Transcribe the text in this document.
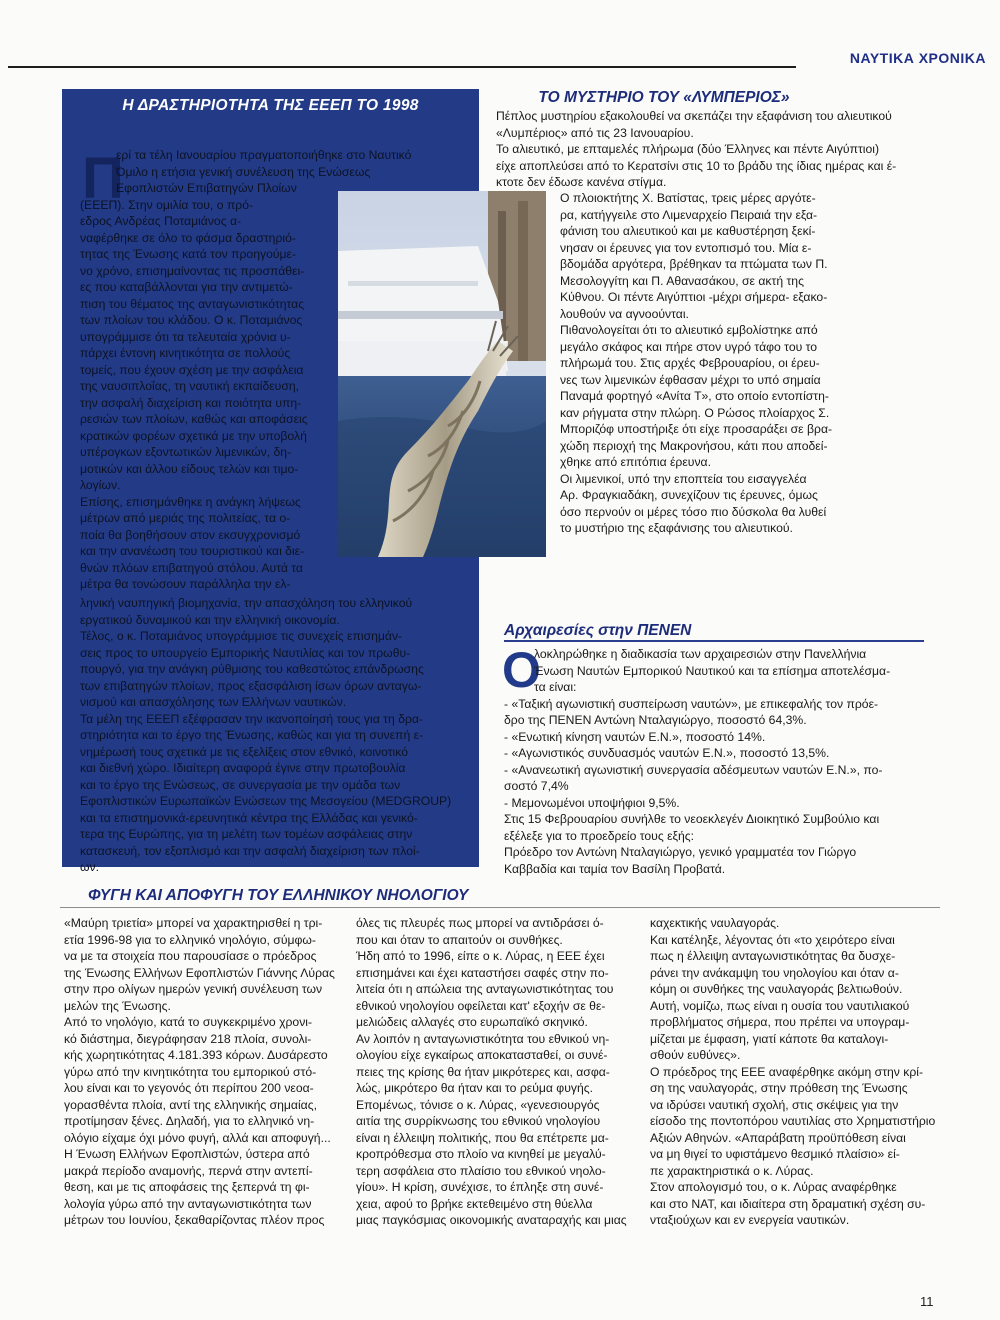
ΝΑΥΤΙΚΑ ΧΡΟΝΙΚΑ
Η ΔΡΑΣΤΗΡΙΟΤΗΤΑ ΤΗΣ ΕΕΕΠ ΤΟ 1998
Π
ερί τα τέλη Ιανουαρίου πραγματοποιήθηκε στο Ναυτικό
Όμιλο η ετήσια γενική συνέλευση της Ενώσεως
Εφοπλιστών Επιβατηγών Πλοίων
(ΕΕΕΠ). Στην ομιλία του, ο πρό-
εδρος Ανδρέας Ποταμιάνος α-
ναφέρθηκε σε όλο το φάσμα δραστηριό-
τητας της Ένωσης κατά τον προηγούμε-
νο χρόνο, επισημαίνοντας τις προσπάθει-
ες που καταβάλλονται για την αντιμετώ-
πιση του θέματος της ανταγωνιστικότητας
των πλοίων του κλάδου. Ο κ. Ποταμιάνος
υπογράμμισε ότι τα τελευταία χρόνια υ-
πάρχει έντονη κινητικότητα σε πολλούς
τομείς, που έχουν σχέση με την ασφάλεια
της ναυσιπλοΐας, τη ναυτική εκπαίδευση,
την ασφαλή διαχείριση και ποιότητα υπη-
ρεσιών των πλοίων, καθώς και αποφάσεις
κρατικών φορέων σχετικά με την υποβολή
υπέρογκων εξοντωτικών λιμενικών, δη-
μοτικών και άλλου είδους τελών και τιμο-
λογίων.
Επίσης, επισημάνθηκε η ανάγκη λήψεως
μέτρων από μεριάς της πολιτείας, τα ο-
ποία θα βοηθήσουν στον εκσυγχρονισμό
και την ανανέωση του τουριστικού και διε-
θνών πλόων επιβατηγού στόλου. Αυτά τα
μέτρα θα τονώσουν παράλληλα την ελ-
ληνική ναυπηγική βιομηχανία, την απασχόληση του ελληνικού
εργατικού δυναμικού και την ελληνική οικονομία.
Τέλος, ο κ. Ποταμιάνος υπογράμμισε τις συνεχείς επισημάν-
σεις προς το υπουργείο Εμπορικής Ναυτιλίας και τον πρωθυ-
πουργό, για την ανάγκη ρύθμισης του καθεστώτος επάνδρωσης
των επιβατηγών πλοίων, προς εξασφάλιση ίσων όρων ανταγω-
νισμού και απασχόλησης των Ελλήνων ναυτικών.
Τα μέλη της ΕΕΕΠ εξέφρασαν την ικανοποίησή τους για τη δρα-
στηριότητα και το έργο της Ένωσης, καθώς και για τη συνεπή ε-
νημέρωσή τους σχετικά με τις εξελίξεις στον εθνικό, κοινοτικό
και διεθνή χώρο. Ιδιαίτερη αναφορά έγινε στην πρωτοβουλία
και το έργο της Ενώσεως, σε συνεργασία με την ομάδα των
Εφοπλιστικών Ευρωπαϊκών Ενώσεων της Μεσογείου (MEDGROUP)
και τα επιστημονικά-ερευνητικά κέντρα της Ελλάδας και γενικό-
τερα της Ευρώπης, για τη μελέτη των τομέων ασφάλειας στην
κατασκευή, τον εξοπλισμό και την ασφαλή διαχείριση των πλοί-
ων.
ΤΟ ΜΥΣΤΗΡΙΟ ΤΟΥ «ΛΥΜΠΕΡΙΟΣ»
Πέπλος μυστηρίου εξακολουθεί να σκεπάζει την εξαφάνιση του αλιευτικού
«Λυμπέριος» από τις 23 Ιανουαρίου.
Το αλιευτικό, με επταμελές πλήρωμα (δύο Έλληνες και πέντε Αιγύπτιοι)
είχε αποπλεύσει από το Κερατσίνι στις 10 το βράδυ της ίδιας ημέρας και έ-
κτοτε δεν έδωσε κανένα στίγμα.
Ο πλοιοκτήτης Χ. Βατίστας, τρεις μέρες αργότε-
ρα, κατήγγειλε στο Λιμεναρχείο Πειραιά την εξα-
φάνιση του αλιευτικού και με καθυστέρηση ξεκί-
νησαν οι έρευνες για τον εντοπισμό του. Μία ε-
βδομάδα αργότερα, βρέθηκαν τα πτώματα των Π.
Μεσολογγίτη και Π. Αθανασάκου, σε ακτή της
Κύθνου. Οι πέντε Αιγύπτιοι -μέχρι σήμερα- εξακο-
λουθούν να αγνοούνται.
Πιθανολογείται ότι το αλιευτικό εμβολίστηκε από
μεγάλο σκάφος και πήρε στον υγρό τάφο του το
πλήρωμά του. Στις αρχές Φεβρουαρίου, οι έρευ-
νες των λιμενικών έφθασαν μέχρι το υπό σημαία
Παναμά φορτηγό «Ανίτα Τ», στο οποίο εντοπίστη-
καν ρήγματα στην πλώρη. Ο Ρώσος πλοίαρχος Σ.
Μποριζόφ υποστήριξε ότι είχε προσαράξει σε βρα-
χώδη περιοχή της Μακρονήσου, κάτι που αποδεί-
χθηκε από επιτόπια έρευνα.
Οι λιμενικοί, υπό την εποπτεία του εισαγγελέα
Αρ. Φραγκιαδάκη, συνεχίζουν τις έρευνες, όμως
όσο περνούν οι μέρες τόσο πιο δύσκολα θα λυθεί
το μυστήριο της εξαφάνισης του αλιευτικού.
Αρχαιρεσίες στην ΠΕΝΕΝ
Ο
λοκληρώθηκε η διαδικασία των αρχαιρεσιών στην Πανελλήνια
Ένωση Ναυτών Εμπορικού Ναυτικού και τα επίσημα αποτελέσμα-
τα είναι:
- «Ταξική αγωνιστική συσπείρωση ναυτών», με επικεφαλής τον πρόε-
δρο της ΠΕΝΕΝ Αντώνη Νταλαγιώργο, ποσοστό 64,3%.
- «Ενωτική κίνηση ναυτών Ε.Ν.», ποσοστό 14%.
- «Αγωνιστικός συνδυασμός ναυτών Ε.Ν.», ποσοστό 13,5%.
- «Ανανεωτική αγωνιστική συνεργασία αδέσμευτων ναυτών Ε.Ν.», πο-
σοστό 7,4%
- Μεμονωμένοι υποψήφιοι 9,5%.
Στις 15 Φεβρουαρίου συνήλθε το νεοεκλεγέν Διοικητικό Συμβούλιο και
εξέλεξε για το προεδρείο τους εξής:
Πρόεδρο τον Αντώνη Νταλαγιώργο, γενικό γραμματέα τον Γιώργο
Καββαδία και ταμία τον Βασίλη Προβατά.
ΦΥΓΗ ΚΑΙ ΑΠΟΦΥΓΗ ΤΟΥ ΕΛΛΗΝΙΚΟΥ ΝΗΟΛΟΓΙΟΥ
«Μαύρη τριετία» μπορεί να χαρακτηρισθεί η τρι-
ετία 1996-98 για το ελληνικό νηολόγιο, σύμφω-
να με τα στοιχεία που παρουσίασε ο πρόεδρος
της Ένωσης Ελλήνων Εφοπλιστών Γιάννης Λύρας
στην προ ολίγων ημερών γενική συνέλευση των
μελών της Ένωσης.
Από το νηολόγιο, κατά το συγκεκριμένο χρονι-
κό διάστημα, διεγράφησαν 218 πλοία, συνολι-
κής χωρητικότητας 4.181.393 κόρων. Δυσάρεστο
γύρω από την κινητικότητα του εμπορικού στό-
λου είναι και το γεγονός ότι περίπου 200 νεοα-
γορασθέντα πλοία, αντί της ελληνικής σημαίας,
προτίμησαν ξένες. Δηλαδή, για το ελληνικό νη-
ολόγιο είχαμε όχι μόνο φυγή, αλλά και αποφυγή...
Η Ένωση Ελλήνων Εφοπλιστών, ύστερα από
μακρά περίοδο αναμονής, περνά στην αντεπί-
θεση, και με τις αποφάσεις της ξεπερνά τη φι-
λολογία γύρω από την ανταγωνιστικότητα των
μέτρων του Ιουνίου, ξεκαθαρίζοντας πλέον προς
όλες τις πλευρές πως μπορεί να αντιδράσει ό-
που και όταν το απαιτούν οι συνθήκες.
Ήδη από το 1996, είπε ο κ. Λύρας, η ΕΕΕ έχει
επισημάνει και έχει καταστήσει σαφές στην πο-
λιτεία ότι η απώλεια της ανταγωνιστικότητας του
εθνικού νηολογίου οφείλεται κατ' εξοχήν σε θε-
μελιώδεις αλλαγές στο ευρωπαϊκό σκηνικό.
Αν λοιπόν η ανταγωνιστικότητα του εθνικού νη-
ολογίου είχε εγκαίρως αποκατασταθεί, οι συνέ-
πειες της κρίσης θα ήταν μικρότερες και, ασφα-
λώς, μικρότερο θα ήταν και το ρεύμα φυγής.
Επομένως, τόνισε ο κ. Λύρας, «γενεσιουργός
αιτία της συρρίκνωσης του εθνικού νηολογίου
είναι η έλλειψη πολιτικής, που θα επέτρεπε μα-
κροπρόθεσμα στο πλοίο να κινηθεί με μεγαλύ-
τερη ασφάλεια στο πλαίσιο του εθνικού νηολο-
γίου». Η κρίση, συνέχισε, το έπληξε στη συνέ-
χεια, αφού το βρήκε εκτεθειμένο στη θύελλα
μιας παγκόσμιας οικονομικής αναταραχής και μιας
καχεκτικής ναυλαγοράς.
Και κατέληξε, λέγοντας ότι «το χειρότερο είναι
πως η έλλειψη ανταγωνιστικότητας θα δυσχε-
ράνει την ανάκαμψη του νηολογίου και όταν α-
κόμη οι συνθήκες της ναυλαγοράς βελτιωθούν.
Αυτή, νομίζω, πως είναι η ουσία του ναυτιλιακού
προβλήματος σήμερα, που πρέπει να υπογραμ-
μίζεται με έμφαση, γιατί κάποτε θα καταλογι-
σθούν ευθύνες».
Ο πρόεδρος της ΕΕΕ αναφέρθηκε ακόμη στην κρί-
ση της ναυλαγοράς, στην πρόθεση της Ένωσης
να ιδρύσει ναυτική σχολή, στις σκέψεις για την
είσοδο της ποντοπόρου ναυτιλίας στο Χρηματιστήριο
Αξιών Αθηνών. «Απαράβατη προϋπόθεση είναι
να μη θιγεί το υφιστάμενο θεσμικό πλαίσιο» εί-
πε χαρακτηριστικά ο κ. Λύρας.
Στον απολογισμό του, ο κ. Λύρας αναφέρθηκε
και στο ΝΑΤ, και ιδιαίτερα στη δραματική σχέση συ-
νταξιούχων και εν ενεργεία ναυτικών.
11
